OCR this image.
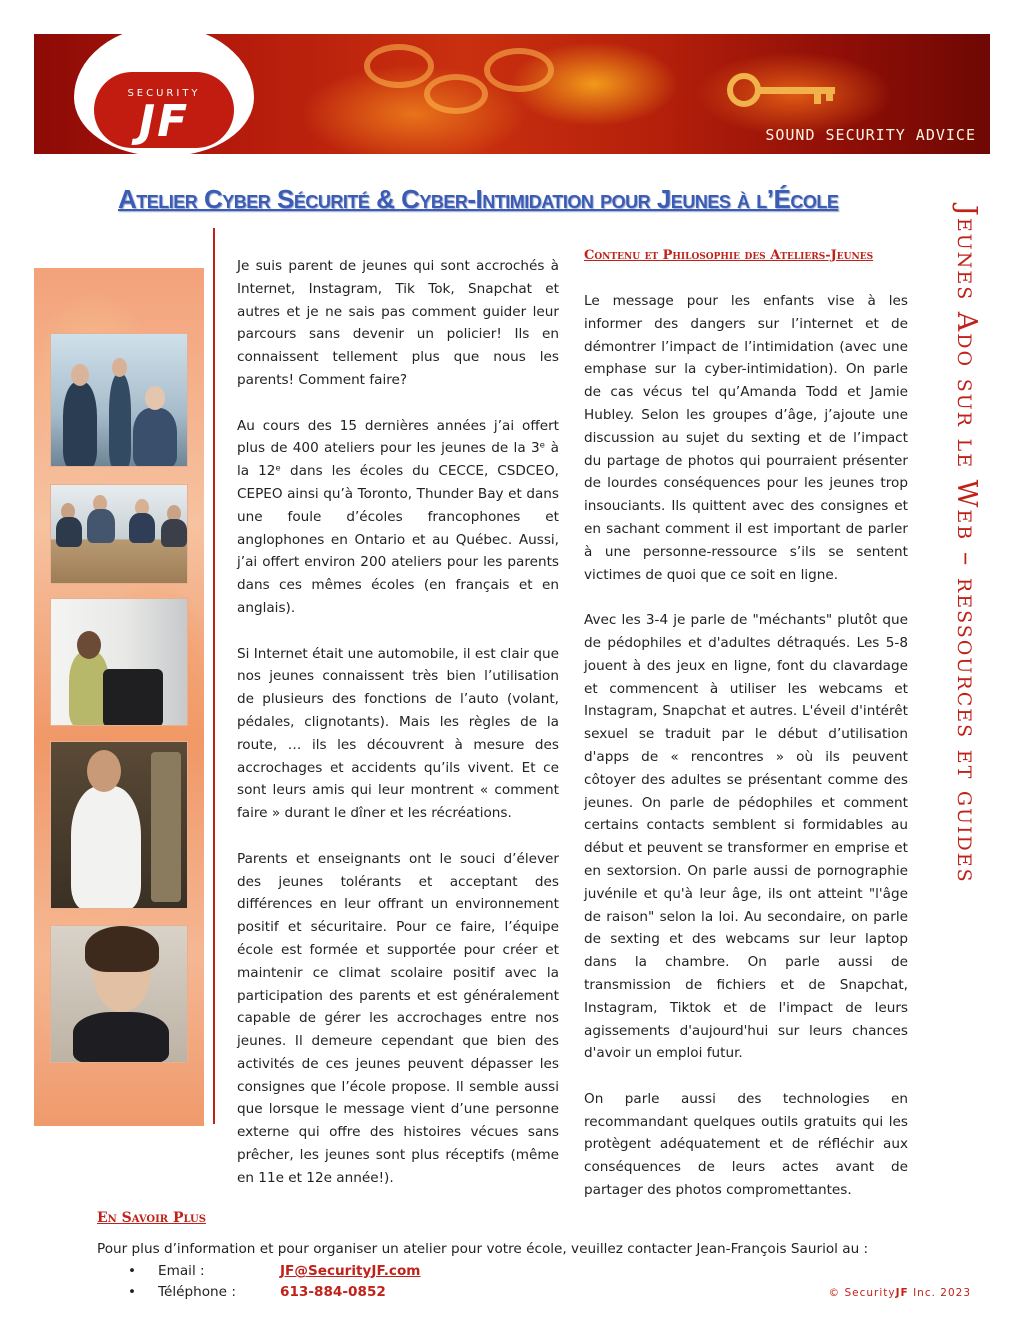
SECURITY
JF	SOUND SECURITY ADVICE
Atelier Cyber Sécurité & Cyber-Intimidation pour Jeunes à l’École
Jeunes Ado sur le Web – ressources et guides

Je suis parent de jeunes qui sont accrochés à Internet, Instagram, Tik Tok, Snapchat et autres et je ne sais pas comment guider leur parcours sans devenir un policier! Ils en connaissent tellement plus que nous les parents! Comment faire?

Au cours des 15 dernières années j’ai offert plus de 400 ateliers pour les jeunes de la 3ᵉ à la 12ᵉ dans les écoles du CECCE, CSDCEO, CEPEO ainsi qu’à Toronto, Thunder Bay et dans une foule d’écoles francophones et anglophones en Ontario et au Québec. Aussi, j’ai offert environ 200 ateliers pour les parents dans ces mêmes écoles (en français et en anglais).

Si Internet était une automobile, il est clair que nos jeunes connaissent très bien l’utilisation de plusieurs des fonctions de l’auto (volant, pédales, clignotants). Mais les règles de la route, … ils les découvrent à mesure des accrochages et accidents qu’ils vivent. Et ce sont leurs amis qui leur montrent « comment faire » durant le dîner et les récréations.

Parents et enseignants ont le souci d’élever des jeunes tolérants et acceptant des différences en leur offrant un environnement positif et sécuritaire. Pour ce faire, l’équipe école est formée et supportée pour créer et maintenir ce climat scolaire positif avec la participation des parents et est généralement capable de gérer les accrochages entre nos jeunes. Il demeure cependant que bien des activités de ces jeunes peuvent dépasser les consignes que l’école propose. Il semble aussi que lorsque le message vient d’une personne externe qui offre des histoires vécues sans prêcher, les jeunes sont plus réceptifs (même en 11e et 12e année!).

Contenu et Philosophie des Ateliers-Jeunes

Le message pour les enfants vise à les informer des dangers sur l’internet et de démontrer l’impact de l’intimidation (avec une emphase sur la cyber-intimidation). On parle de cas vécus tel qu’Amanda Todd et Jamie Hubley. Selon les groupes d’âge, j’ajoute une discussion au sujet du sexting et de l’impact du partage de photos qui pourraient présenter de lourdes conséquences pour les jeunes trop insouciants. Ils quittent avec des consignes et en sachant comment il est important de parler à une personne-ressource s’ils se sentent victimes de quoi que ce soit en ligne.

Avec les 3-4 je parle de "méchants" plutôt que de pédophiles et d'adultes détraqués. Les 5-8 jouent à des jeux en ligne, font du clavardage et commencent à utiliser les webcams et Instagram, Snapchat et autres. L'éveil d'intérêt sexuel se traduit par le début d’utilisation d'apps de « rencontres » où ils peuvent côtoyer des adultes se présentant comme des jeunes. On parle de pédophiles et comment certains contacts semblent si formidables au début et peuvent se transformer en emprise et en sextorsion. On parle aussi de pornographie juvénile et qu'à leur âge, ils ont atteint "l'âge de raison" selon la loi. Au secondaire, on parle de sexting et des webcams sur leur laptop dans la chambre. On parle aussi de transmission de fichiers et de Snapchat, Instagram, Tiktok et de l'impact de leurs agissements d'aujourd'hui sur leurs chances d'avoir un emploi futur.

On parle aussi des technologies en recommandant quelques outils gratuits qui les protègent adéquatement et de réfléchir aux conséquences de leurs actes avant de partager des photos compromettantes.

En Savoir Plus
Pour plus d’information et pour organiser un atelier pour votre école, veuillez contacter Jean-François Sauriol au :
• Email :	JF@SecurityJF.com
• Téléphone :	613-884-0852	© SecurityJF Inc. 2023
